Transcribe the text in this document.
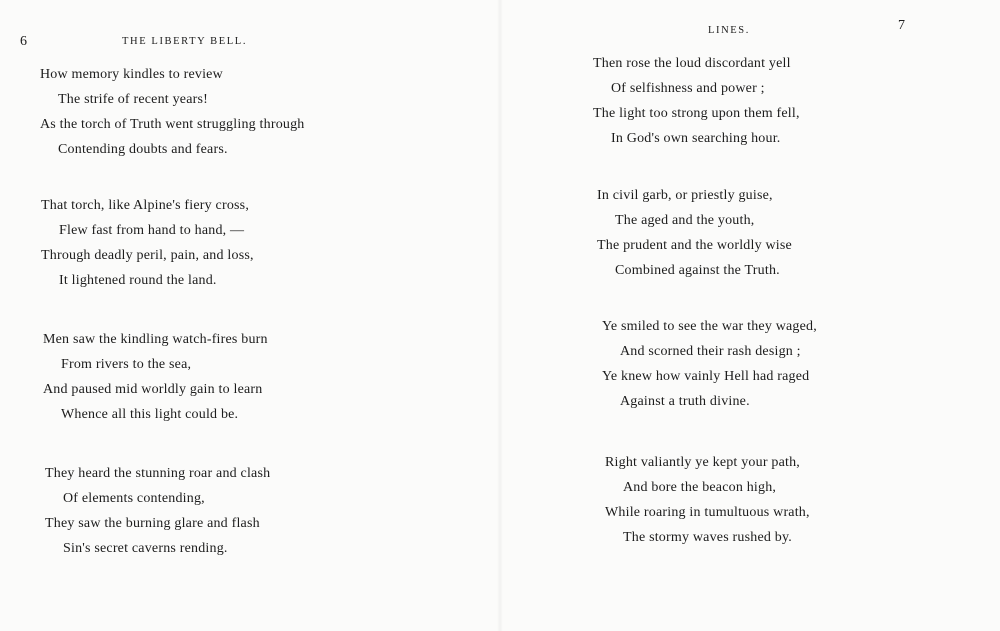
6	THE LIBERTY BELL.
How memory kindles to review
The strife of recent years!
As the torch of Truth went struggling through
Contending doubts and fears.
That torch, like Alpine's fiery cross,
Flew fast from hand to hand, —
Through deadly peril, pain, and loss,
It lightened round the land.
Men saw the kindling watch-fires burn
From rivers to the sea,
And paused mid worldly gain to learn
Whence all this light could be.
They heard the stunning roar and clash
Of elements contending,
They saw the burning glare and flash
Sin's secret caverns rending.
LINES.	7
Then rose the loud discordant yell
Of selfishness and power ;
The light too strong upon them fell,
In God's own searching hour.
In civil garb, or priestly guise,
The aged and the youth,
The prudent and the worldly wise
Combined against the Truth.
Ye smiled to see the war they waged,
And scorned their rash design ;
Ye knew how vainly Hell had raged
Against a truth divine.
Right valiantly ye kept your path,
And bore the beacon high,
While roaring in tumultuous wrath,
The stormy waves rushed by.
